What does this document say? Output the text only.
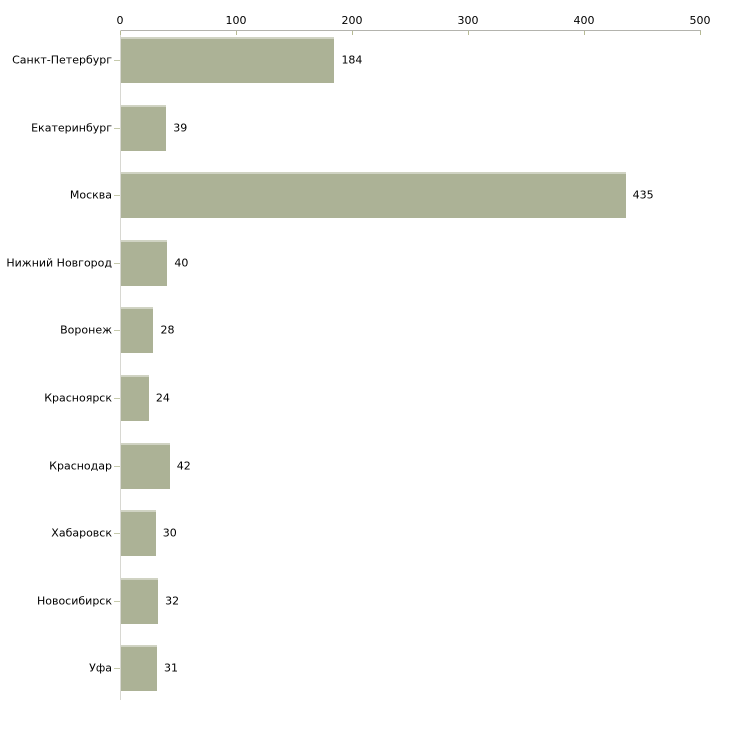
0	100	200	300	400	500
Санкт-Петербург	184
Екатеринбург	39
Москва	435
Нижний Новгород	40
Воронеж	28
Красноярск	24
Краснодар	42
Хабаровск	30
Новосибирск	32
Уфа	31
